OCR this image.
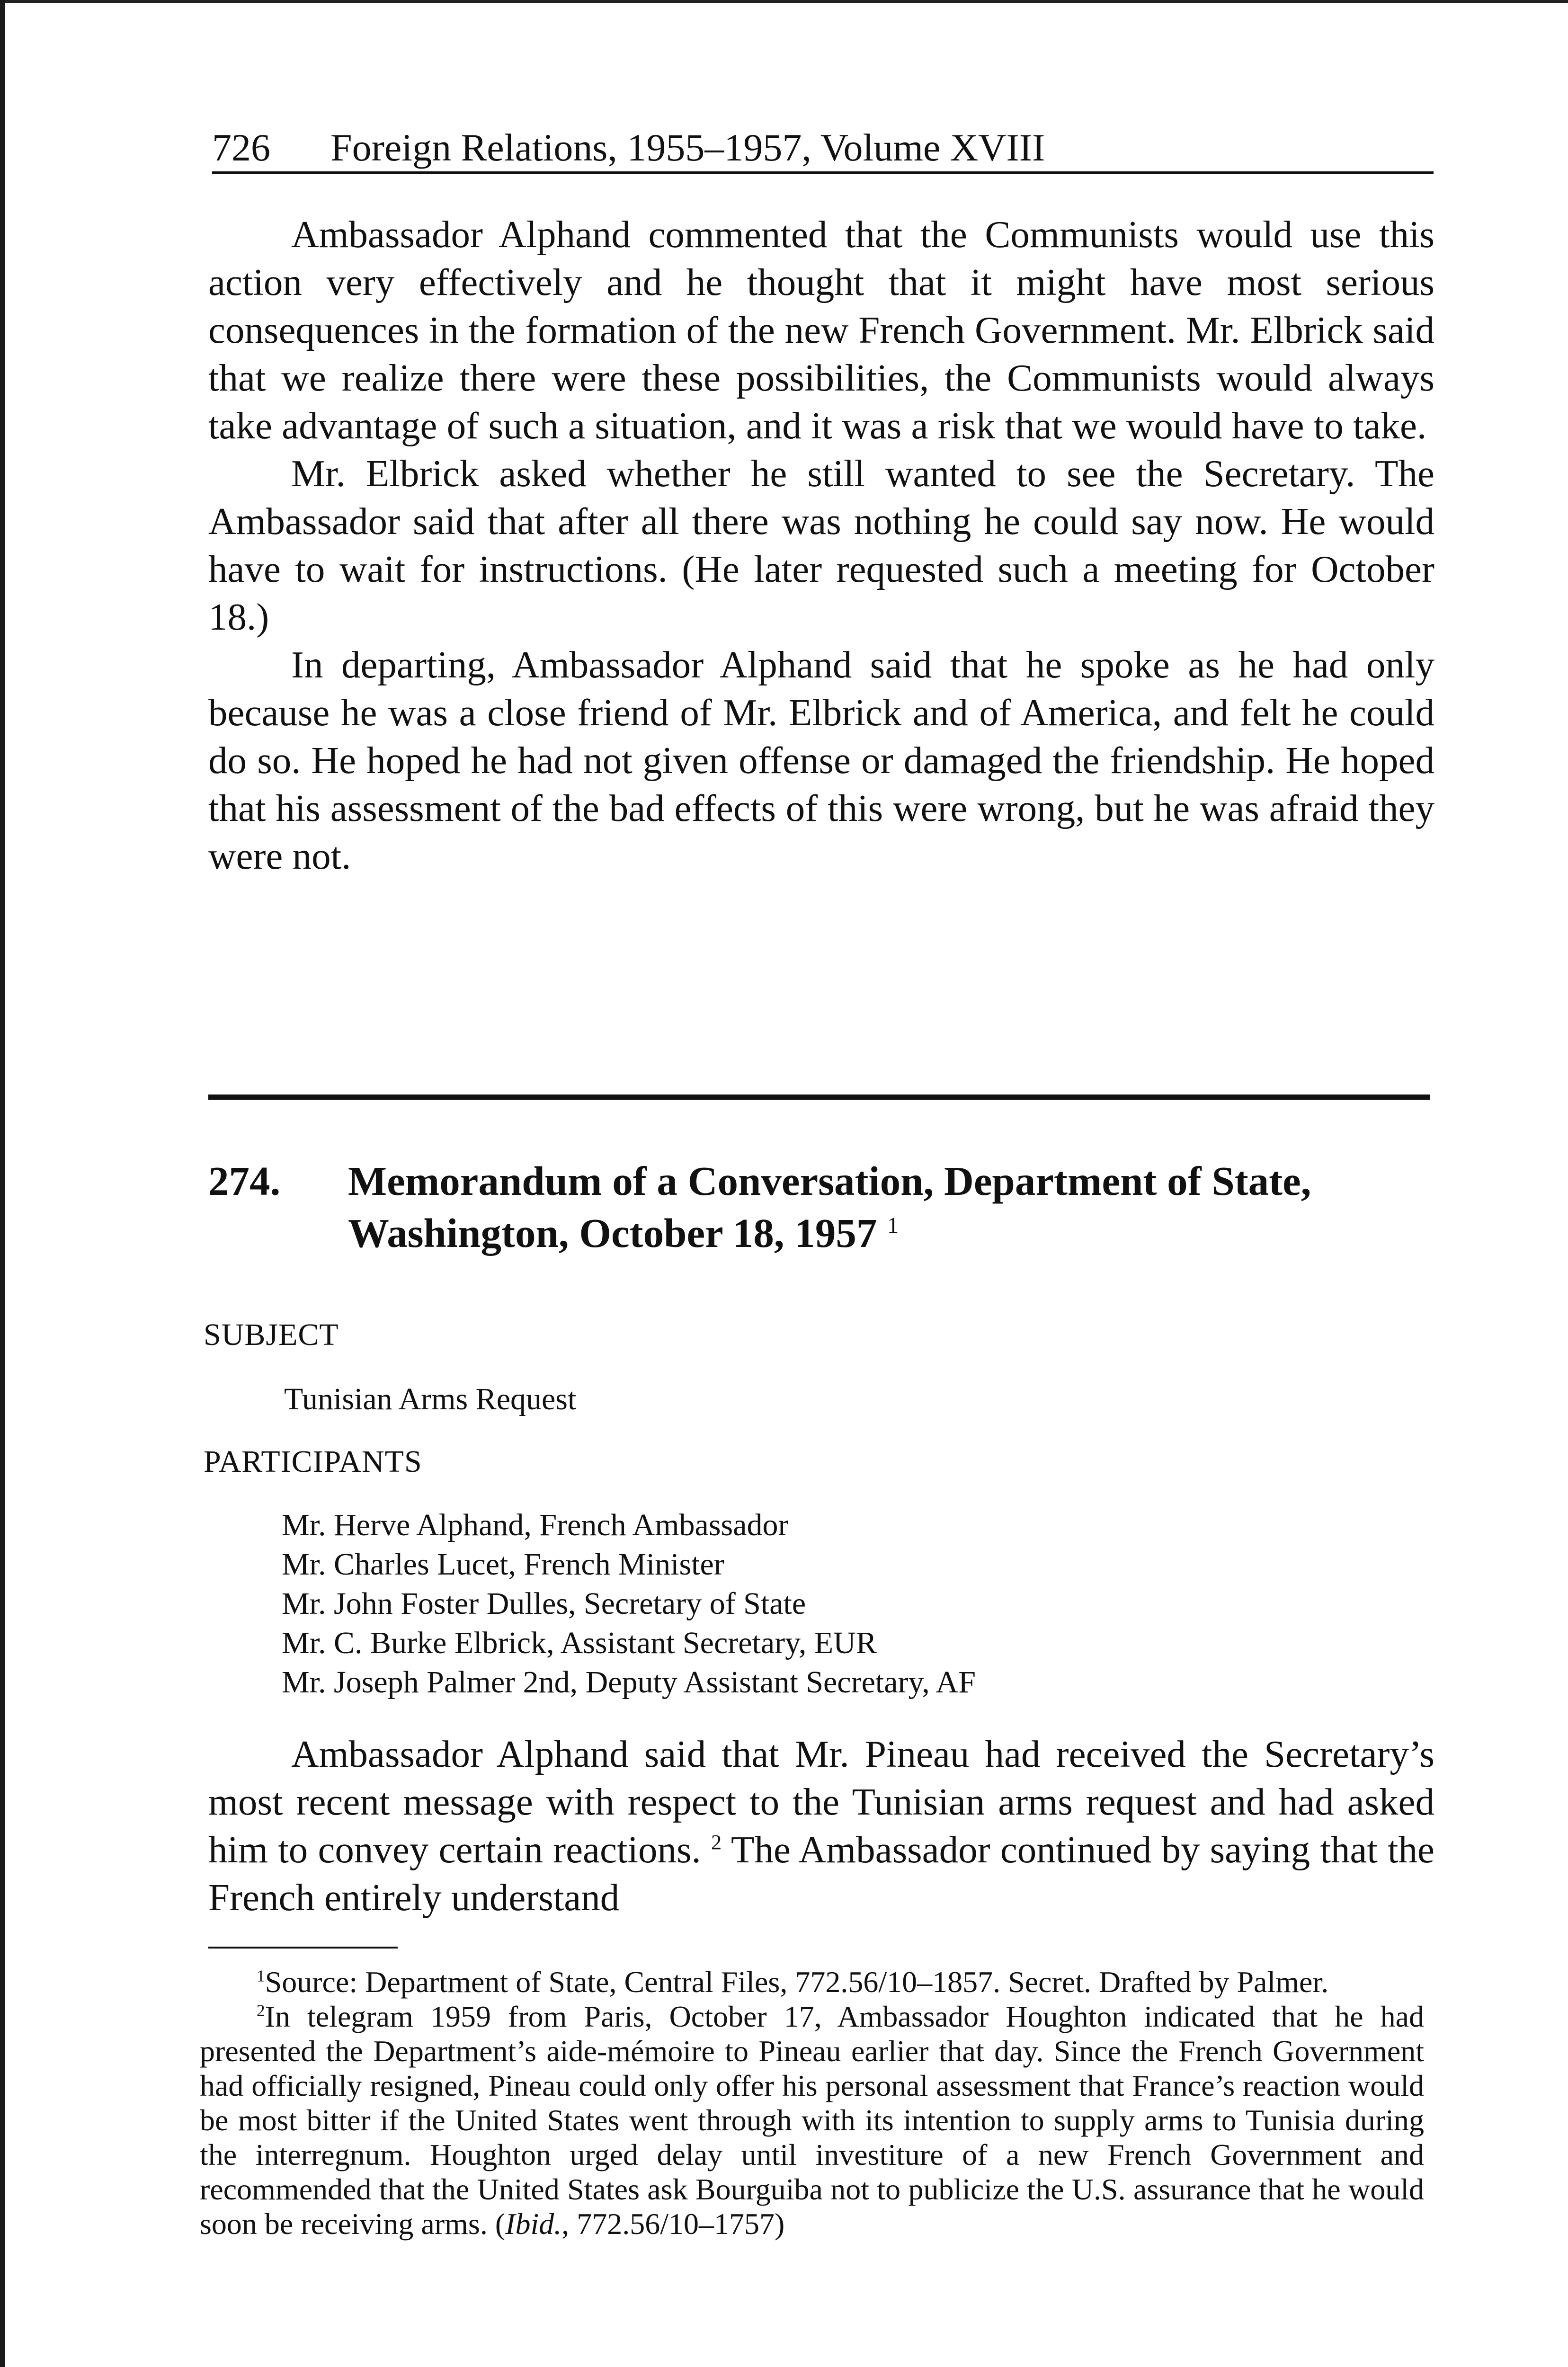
726 Foreign Relations, 1955–1957, Volume XVIII

Ambassador Alphand commented that the Communists would use this action very effectively and he thought that it might have most serious consequences in the formation of the new French Government. Mr. Elbrick said that we realize there were these possibilities, the Communists would always take advantage of such a situation, and it was a risk that we would have to take.

Mr. Elbrick asked whether he still wanted to see the Secretary. The Ambassador said that after all there was nothing he could say now. He would have to wait for instructions. (He later requested such a meeting for October 18.)

In departing, Ambassador Alphand said that he spoke as he had only because he was a close friend of Mr. Elbrick and of America, and felt he could do so. He hoped he had not given offense or damaged the friendship. He hoped that his assessment of the bad effects of this were wrong, but he was afraid they were not.

274. Memorandum of a Conversation, Department of State, Washington, October 18, 1957 $^1$
SUBJECT
Tunisian Arms Request
PARTICIPANTS
Mr. Herve Alphand, French Ambassador
Mr. Charles Lucet, French Minister
Mr. John Foster Dulles, Secretary of State
Mr. C. Burke Elbrick, Assistant Secretary, EUR
Mr. Joseph Palmer 2nd, Deputy Assistant Secretary, AF

Ambassador Alphand said that Mr. Pineau had received the Secretary’s most recent message with respect to the Tunisian arms request and had asked him to convey certain reactions. $^2$ The Ambassador continued by saying that the French entirely understand

$^1$Source: Department of State, Central Files, 772.56/10–1857. Secret. Drafted by Palmer.

$^2$In telegram 1959 from Paris, October 17, Ambassador Houghton indicated that he had presented the Department’s aide-mémoire to Pineau earlier that day. Since the French Government had officially resigned, Pineau could only offer his personal assessment that France’s reaction would be most bitter if the United States went through with its intention to supply arms to Tunisia during the interregnum. Houghton urged delay until investiture of a new French Government and recommended that the United States ask Bourguiba not to publicize the U.S. assurance that he would soon be receiving arms. (Ibid., 772.56/10–1757)
